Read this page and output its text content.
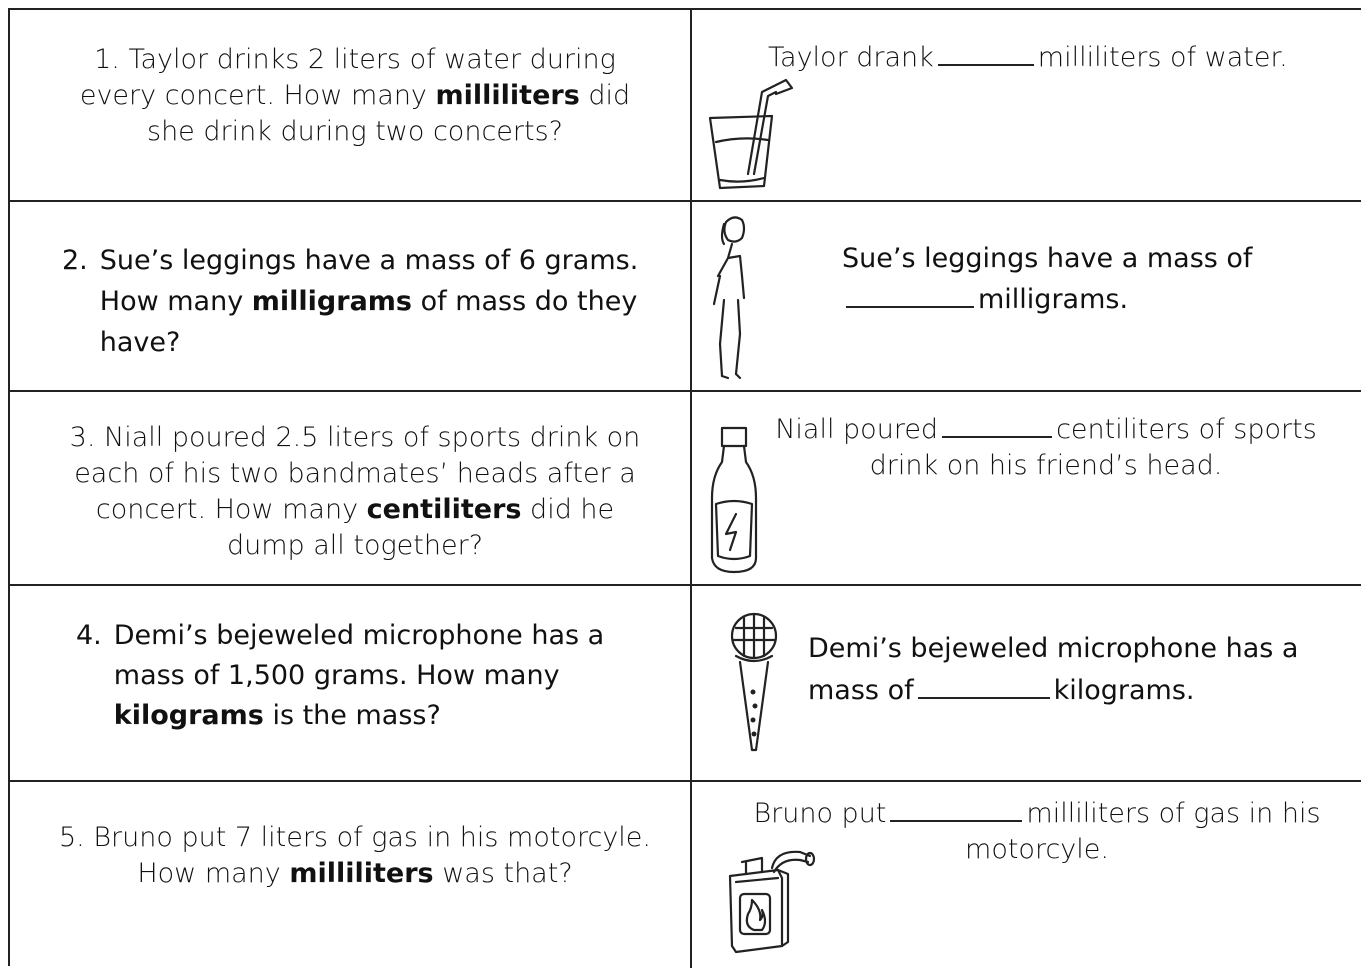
1. Taylor drinks 2 liters of water during every concert. How many milliliters did she drink during two concerts?
Taylor drank	milliliters of water.
2. Sue’s leggings have a mass of 6 grams. How many milligrams of mass do they have?
Sue’s leggings have a mass ofmilligrams.
3. Niall poured 2.5 liters of sports drink on each of his two bandmates’ heads after a concert. How many centiliters did he dump all together?
Niall poured	centiliters of sports drink on his friend’s head.
4. Demi’s bejeweled microphone has a mass of 1,500 grams. How many kilograms is the mass?
Demi’s bejeweled microphone has a mass of	kilograms.
5. Bruno put 7 liters of gas in his motorcyle. How many milliliters was that?
Bruno put	milliliters of gas in his motorcyle.
